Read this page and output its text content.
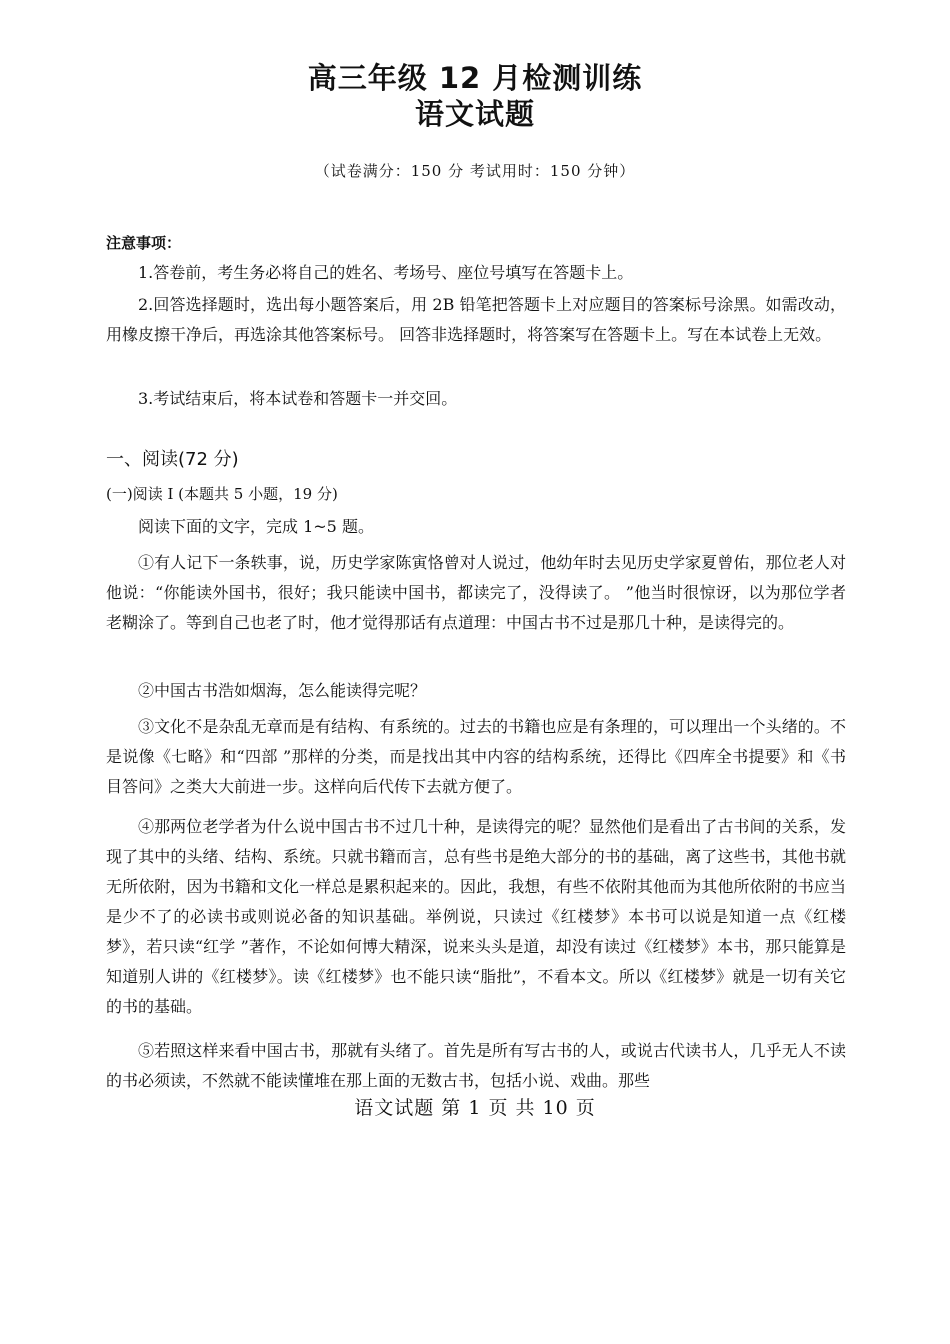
高三年级 12 月检测训练
语文试题
（试卷满分：150 分 考试用时：150 分钟）
注意事项：

1.答卷前，考生务必将自己的姓名、考场号、座位号填写在答题卡上。

2.回答选择题时，选出每小题答案后，用 2B 铅笔把答题卡上对应题目的答案标号涂黑。如需改动，用橡皮擦干净后，再选涂其他答案标号。 回答非选择题时，将答案写在答题卡上。写在本试卷上无效。

3.考试结束后，将本试卷和答题卡一并交回。

一、阅读(72 分)
(一)阅读 Ⅰ (本题共 5 小题，19 分)

阅读下面的文字，完成 1~5 题。

①有人记下一条轶事，说，历史学家陈寅恪曾对人说过，他幼年时去见历史学家夏曾佑，那位老人对他说：“你能读外国书，很好；我只能读中国书，都读完了，没得读了。 ”他当时很惊讶，以为那位学者老糊涂了。等到自己也老了时，他才觉得那话有点道理：中国古书不过是那几十种，是读得完的。

②中国古书浩如烟海，怎么能读得完呢？

③文化不是杂乱无章而是有结构、有系统的。过去的书籍也应是有条理的，可以理出一个头绪的。不是说像《七略》和“四部 ”那样的分类，而是找出其中内容的结构系统，还得比《四库全书提要》和《书目答问》之类大大前进一步。这样向后代传下去就方便了。

④那两位老学者为什么说中国古书不过几十种，是读得完的呢？显然他们是看出了古书间的关系，发现了其中的头绪、结构、系统。只就书籍而言，总有些书是绝大部分的书的基础，离了这些书，其他书就无所依附，因为书籍和文化一样总是累积起来的。因此，我想，有些不依附其他而为其他所依附的书应当是少不了的必读书或则说必备的知识基础。举例说，只读过《红楼梦》本书可以说是知道一点《红楼梦》，若只读“红学 ”著作，不论如何博大精深，说来头头是道，却没有读过《红楼梦》本书，那只能算是知道别人讲的《红楼梦》。读《红楼梦》也不能只读“脂批”，不看本文。所以《红楼梦》就是一切有关它的书的基础。

⑤若照这样来看中国古书，那就有头绪了。首先是所有写古书的人，或说古代读书人，几乎无人不读的书必须读，不然就不能读懂堆在那上面的无数古书，包括小说、戏曲。那些

语文试题 第 1 页 共 10 页
